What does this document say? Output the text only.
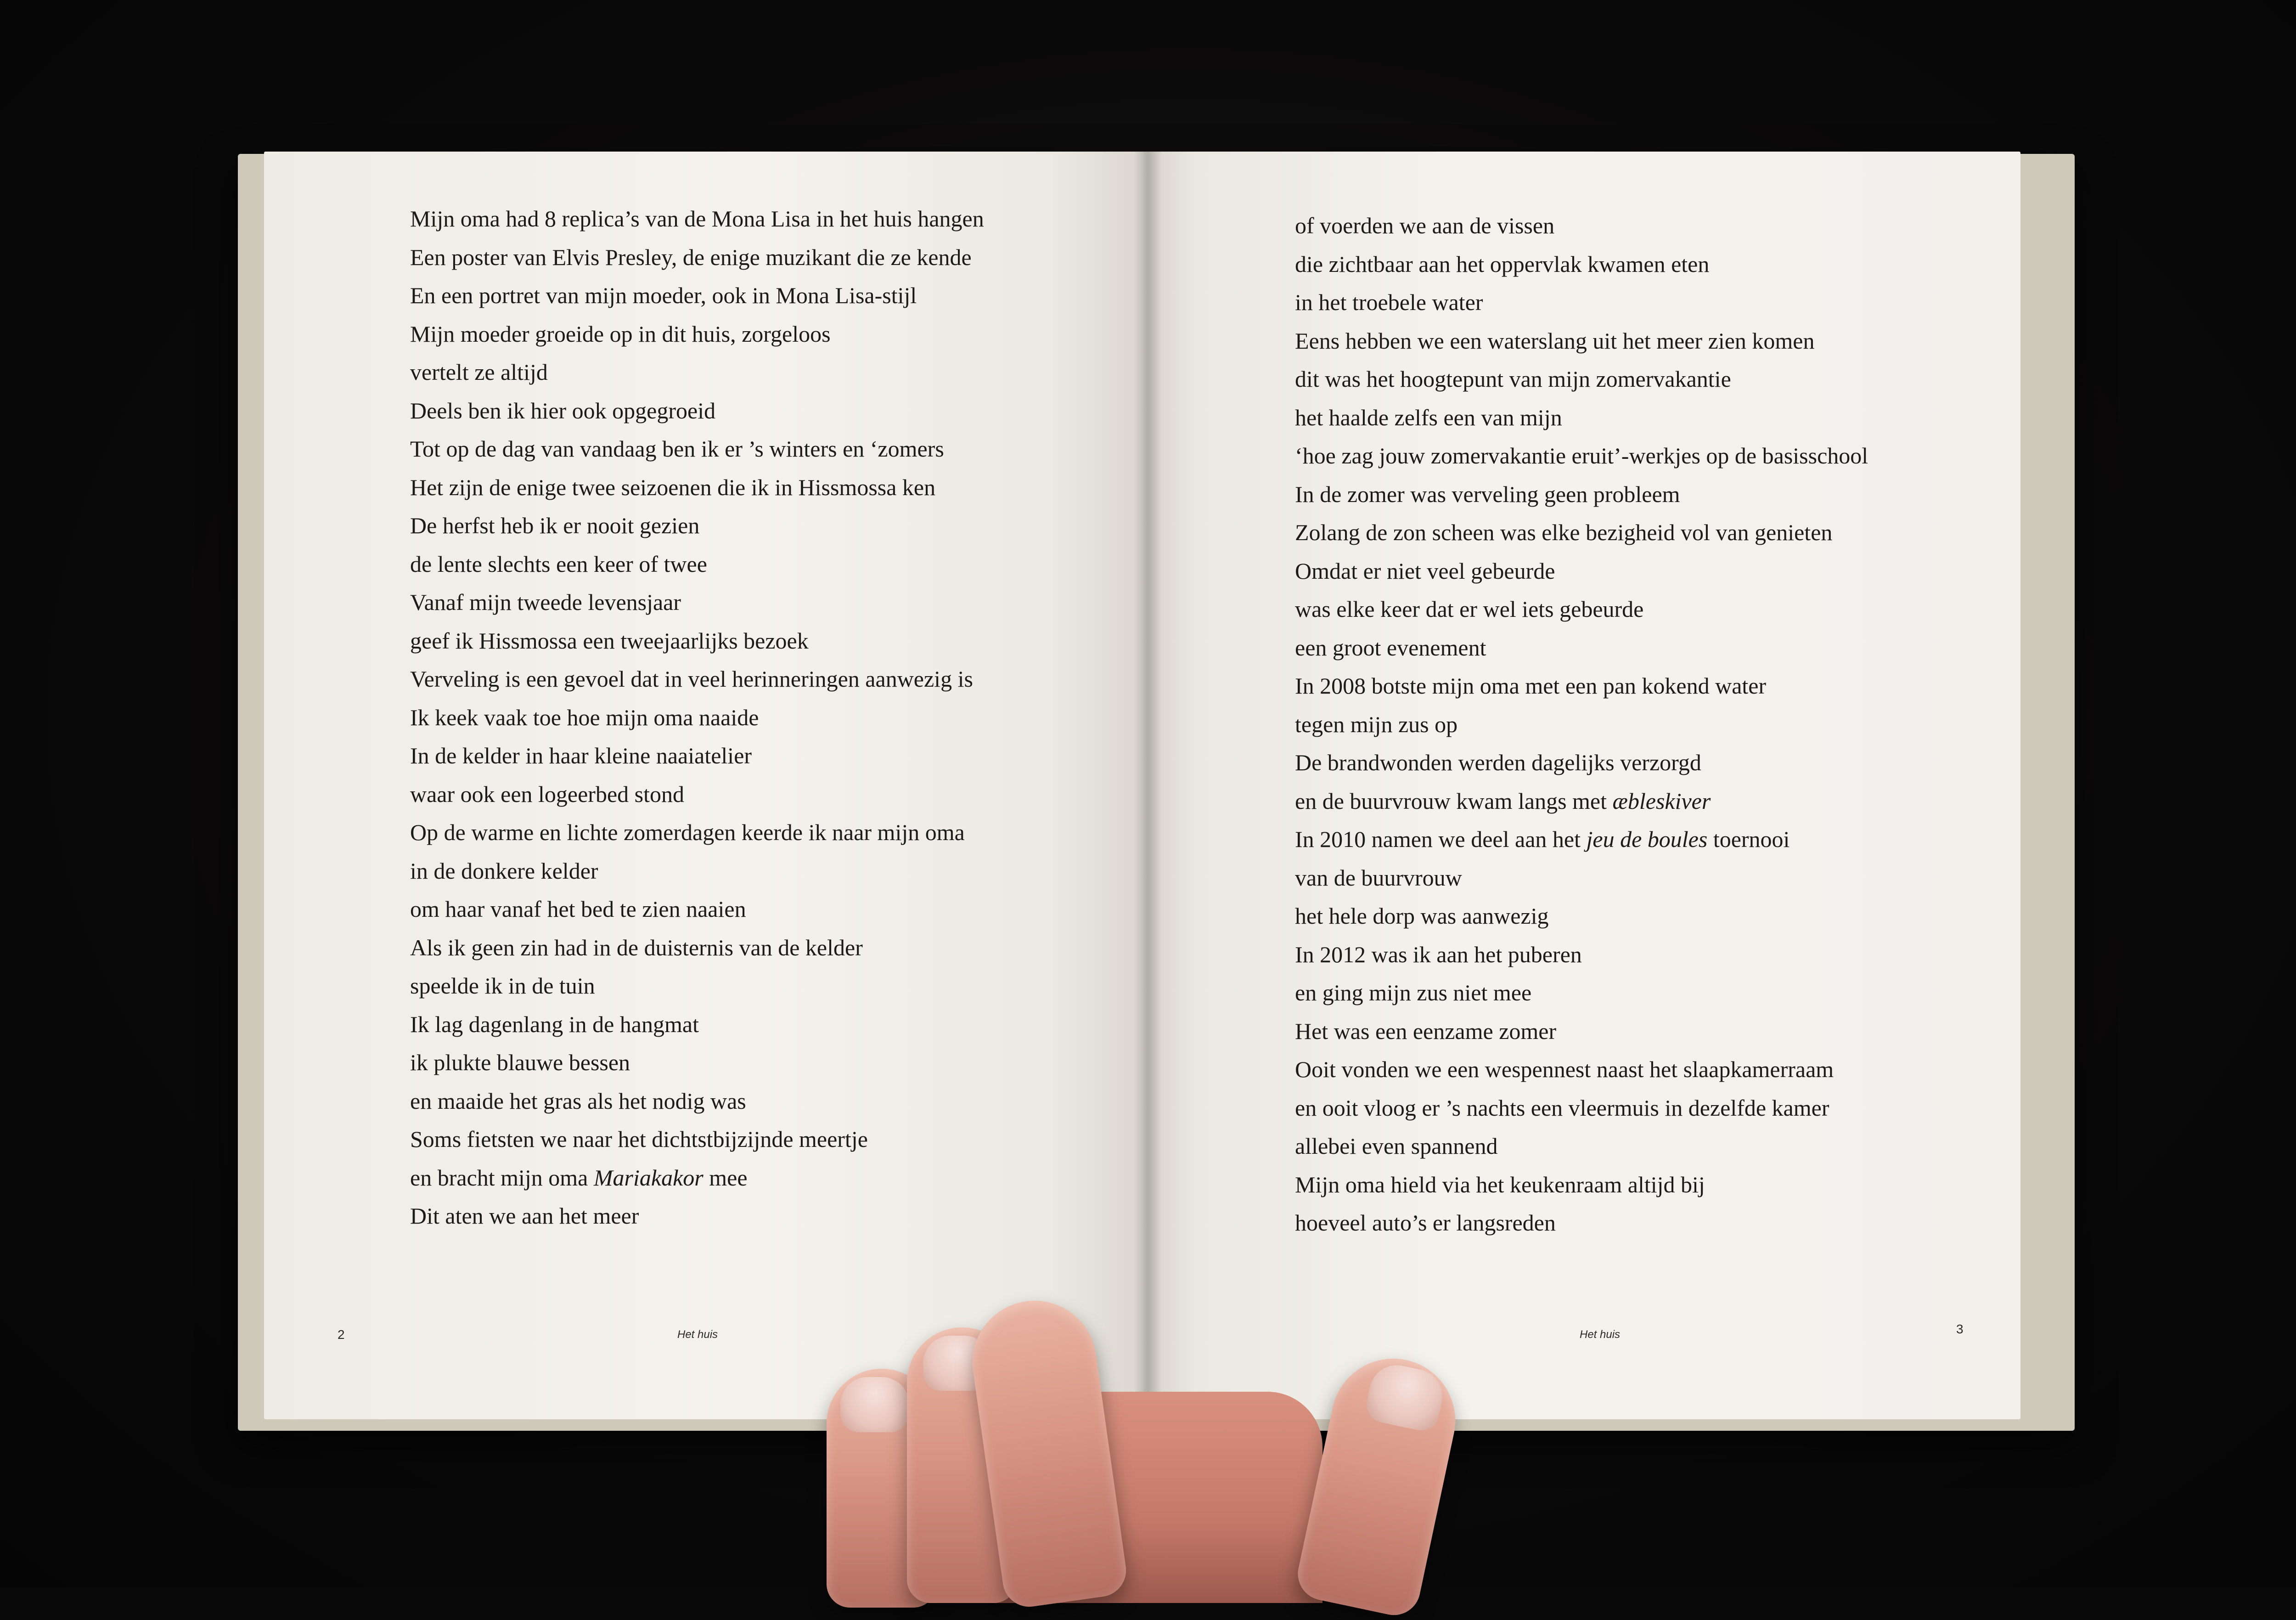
Mijn oma had 8 replica’s van de Mona Lisa in het huis hangen
Een poster van Elvis Presley, de enige muzikant die ze kende
En een portret van mijn moeder, ook in Mona Lisa-stijl
Mijn moeder groeide op in dit huis, zorgeloos
vertelt ze altijd
Deels ben ik hier ook opgegroeid
Tot op de dag van vandaag ben ik er ’s winters en ‘zomers
Het zijn de enige twee seizoenen die ik in Hissmossa ken
De herfst heb ik er nooit gezien
de lente slechts een keer of twee
Vanaf mijn tweede levensjaar
geef ik Hissmossa een tweejaarlijks bezoek
Verveling is een gevoel dat in veel herinneringen aanwezig is
Ik keek vaak toe hoe mijn oma naaide
In de kelder in haar kleine naaiatelier
waar ook een logeerbed stond
Op de warme en lichte zomerdagen keerde ik naar mijn oma
in de donkere kelder
om haar vanaf het bed te zien naaien
Als ik geen zin had in de duisternis van de kelder
speelde ik in de tuin
Ik lag dagenlang in de hangmat
ik plukte blauwe bessen
en maaide het gras als het nodig was
Soms fietsten we naar het dichtstbijzijnde meertje
en bracht mijn oma Mariakakor mee
Dit aten we aan het meer
2	Het huis
of voerden we aan de vissen
die zichtbaar aan het oppervlak kwamen eten
in het troebele water
Eens hebben we een waterslang uit het meer zien komen
dit was het hoogtepunt van mijn zomervakantie
het haalde zelfs een van mijn
‘hoe zag jouw zomervakantie eruit’-werkjes op de basisschool
In de zomer was verveling geen probleem
Zolang de zon scheen was elke bezigheid vol van genieten
Omdat er niet veel gebeurde
was elke keer dat er wel iets gebeurde
een groot evenement
In 2008 botste mijn oma met een pan kokend water
tegen mijn zus op
De brandwonden werden dagelijks verzorgd
en de buurvrouw kwam langs met æbleskiver
In 2010 namen we deel aan het jeu de boules toernooi
van de buurvrouw
het hele dorp was aanwezig
In 2012 was ik aan het puberen
en ging mijn zus niet mee
Het was een eenzame zomer
Ooit vonden we een wespennest naast het slaapkamerraam
en ooit vloog er ’s nachts een vleermuis in dezelfde kamer
allebei even spannend
Mijn oma hield via het keukenraam altijd bij
hoeveel auto’s er langsreden
Het huis	3
